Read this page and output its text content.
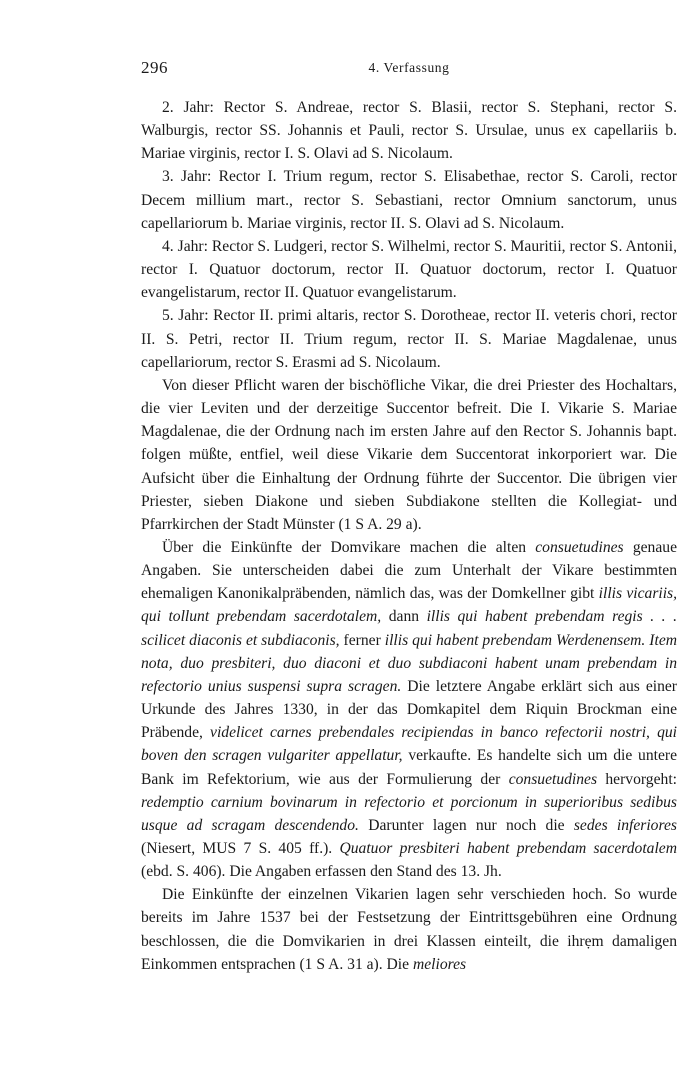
296	4. Verfassung

2. Jahr: Rector S. Andreae, rector S. Blasii, rector S. Stephani, rector S. Walburgis, rector SS. Johannis et Pauli, rector S. Ursulae, unus ex capellariis b. Mariae virginis, rector I. S. Olavi ad S. Nicolaum.

3. Jahr: Rector I. Trium regum, rector S. Elisabethae, rector S. Caroli, rector Decem millium mart., rector S. Sebastiani, rector Omnium sanctorum, unus capellariorum b. Mariae virginis, rector II. S. Olavi ad S. Nicolaum.

4. Jahr: Rector S. Ludgeri, rector S. Wilhelmi, rector S. Mauritii, rector S. Antonii, rector I. Quatuor doctorum, rector II. Quatuor doctorum, rector I. Quatuor evangelistarum, rector II. Quatuor evangelistarum.

5. Jahr: Rector II. primi altaris, rector S. Dorotheae, rector II. veteris chori, rector II. S. Petri, rector II. Trium regum, rector II. S. Mariae Magdalenae, unus capellariorum, rector S. Erasmi ad S. Nicolaum.

Von dieser Pflicht waren der bischöfliche Vikar, die drei Priester des Hochaltars, die vier Leviten und der derzeitige Succentor befreit. Die I. Vikarie S. Mariae Magdalenae, die der Ordnung nach im ersten Jahre auf den Rector S. Johannis bapt. folgen müßte, entfiel, weil diese Vikarie dem Succentorat inkorporiert war. Die Aufsicht über die Einhaltung der Ordnung führte der Succentor. Die übrigen vier Priester, sieben Diakone und sieben Subdiakone stellten die Kollegiat- und Pfarrkirchen der Stadt Münster (1 S A. 29 a).

Über die Einkünfte der Domvikare machen die alten consuetudines genaue Angaben. Sie unterscheiden dabei die zum Unterhalt der Vikare bestimmten ehemaligen Kanonikalpräbenden, nämlich das, was der Domkellner gibt illis vicariis, qui tollunt prebendam sacerdotalem, dann illis qui habent prebendam regis . . . scilicet diaconis et subdiaconis, ferner illis qui habent prebendam Werdenensem. Item nota, duo presbiteri, duo diaconi et duo subdiaconi habent unam prebendam in refectorio unius suspensi supra scragen. Die letztere Angabe erklärt sich aus einer Urkunde des Jahres 1330, in der das Domkapitel dem Riquin Brockman eine Präbende, videlicet carnes prebendales recipiendas in banco refectorii nostri, qui boven den scragen vulgariter appellatur, verkaufte. Es handelte sich um die untere Bank im Refektorium, wie aus der Formulierung der consuetudines hervorgeht: redemptio carnium bovinarum in refectorio et porcionum in superioribus sedibus usque ad scragam descendendo. Darunter lagen nur noch die sedes inferiores (Niesert, MUS 7 S. 405 ff.). Quatuor presbiteri habent prebendam sacerdotalem (ebd. S. 406). Die Angaben erfassen den Stand des 13. Jh.

Die Einkünfte der einzelnen Vikarien lagen sehr verschieden hoch. So wurde bereits im Jahre 1537 bei der Festsetzung der Eintrittsgebühren eine Ordnung beschlossen, die die Domvikarien in drei Klassen einteilt, die ihrẹm damaligen Einkommen entsprachen (1 S A. 31 a). Die meliores
